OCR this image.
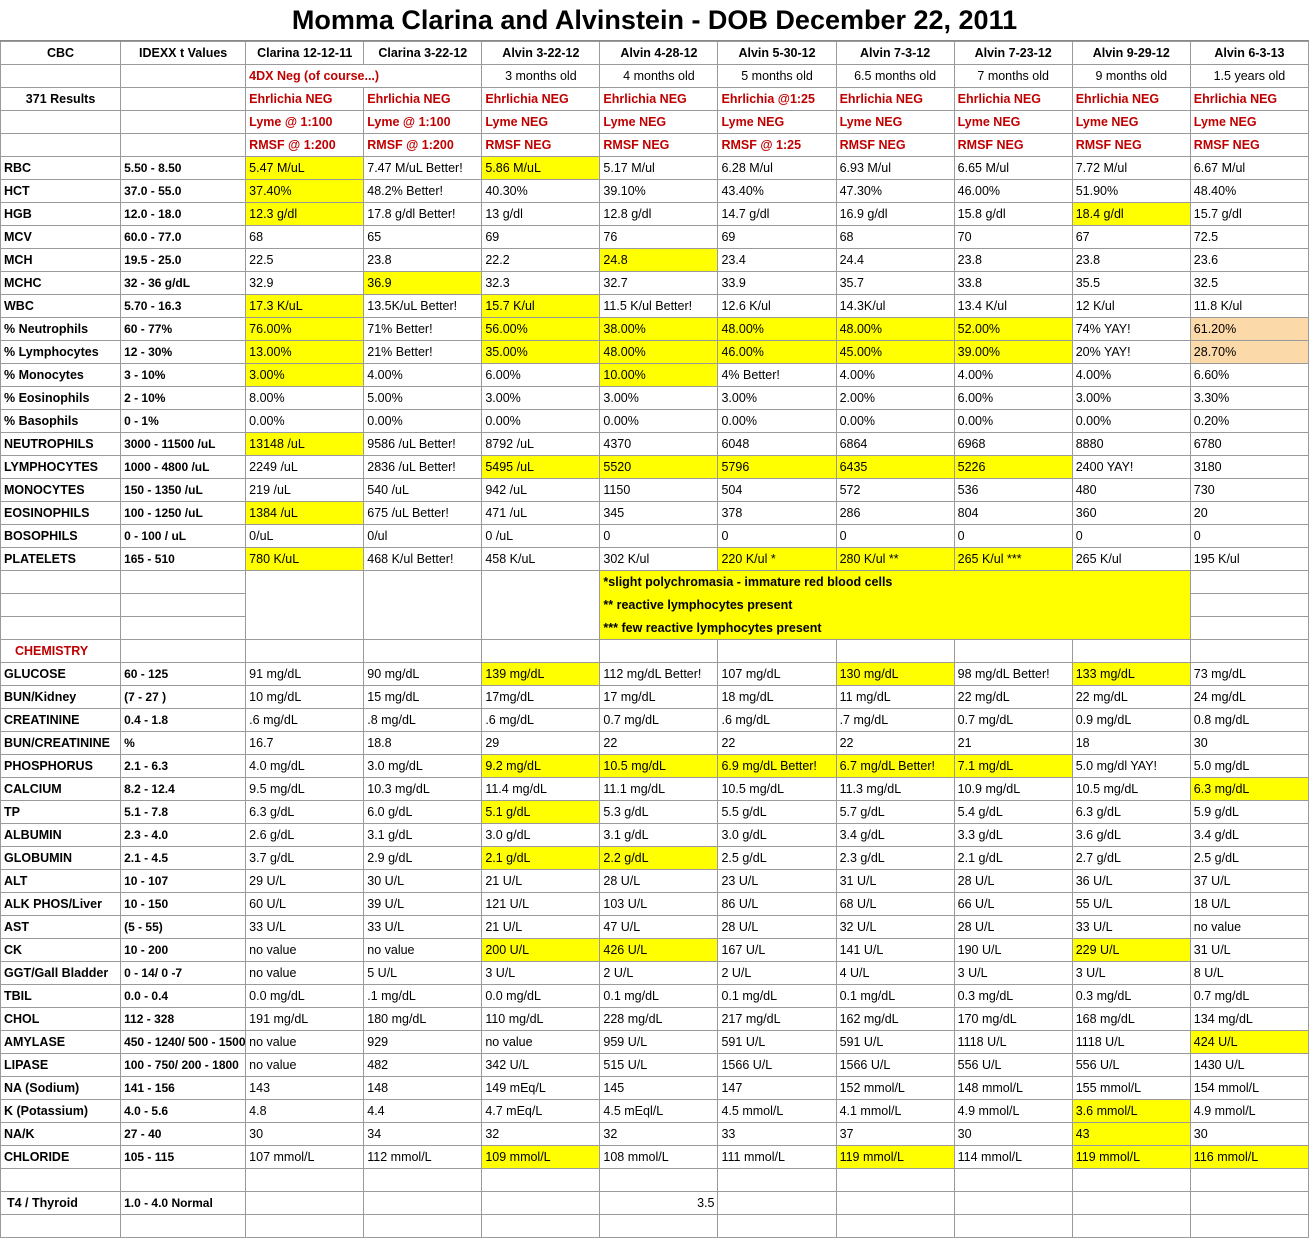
Momma Clarina and Alvinstein - DOB December 22, 2011
CBC	IDEXX t Values	Clarina 12-12-11	Clarina 3-22-12	Alvin 3-22-12	Alvin 4-28-12	Alvin 5-30-12	Alvin 7-3-12	Alvin 7-23-12	Alvin 9-29-12	Alvin 6-3-13
		4DX Neg (of course...)		3 months old	4 months old	5 months old	6.5 months old	7 months old	9 months old	1.5 years old
371 Results		Ehrlichia NEG	Ehrlichia NEG	Ehrlichia NEG	Ehrlichia NEG	Ehrlichia @1:25	Ehrlichia NEG	Ehrlichia NEG	Ehrlichia NEG	Ehrlichia NEG
		Lyme @ 1:100	Lyme @ 1:100	Lyme NEG	Lyme NEG	Lyme NEG	Lyme NEG	Lyme NEG	Lyme NEG	Lyme NEG
		RMSF @ 1:200	RMSF @ 1:200	RMSF NEG	RMSF NEG	RMSF @ 1:25	RMSF NEG	RMSF NEG	RMSF NEG	RMSF NEG
RBC	5.50 - 8.50	5.47 M/uL	7.47 M/uL Better!	5.86 M/uL	5.17 M/ul	6.28 M/ul	6.93 M/ul	6.65 M/ul	7.72 M/ul	6.67 M/ul
HCT	37.0 - 55.0	37.40%	48.2% Better!	40.30%	39.10%	43.40%	47.30%	46.00%	51.90%	48.40%
HGB	12.0 - 18.0	12.3 g/dl	17.8 g/dl Better!	13 g/dl	12.8 g/dl	14.7 g/dl	16.9 g/dl	15.8 g/dl	18.4 g/dl	15.7 g/dl
MCV	60.0 - 77.0	68	65	69	76	69	68	70	67	72.5
MCH	19.5 - 25.0	22.5	23.8	22.2	24.8	23.4	24.4	23.8	23.8	23.6
MCHC	32 - 36 g/dL	32.9	36.9	32.3	32.7	33.9	35.7	33.8	35.5	32.5
WBC	5.70 - 16.3	17.3 K/uL	13.5K/uL Better!	15.7 K/ul	11.5 K/ul Better!	12.6 K/ul	14.3K/ul	13.4 K/ul	12 K/ul	11.8 K/ul
% Neutrophils	60 - 77%	76.00%	71% Better!	56.00%	38.00%	48.00%	48.00%	52.00%	74% YAY!	61.20%
% Lymphocytes	12 - 30%	13.00%	21% Better!	35.00%	48.00%	46.00%	45.00%	39.00%	20% YAY!	28.70%
% Monocytes	3 - 10%	3.00%	4.00%	6.00%	10.00%	4% Better!	4.00%	4.00%	4.00%	6.60%
% Eosinophils	2 - 10%	8.00%	5.00%	3.00%	3.00%	3.00%	2.00%	6.00%	3.00%	3.30%
% Basophils	0 - 1%	0.00%	0.00%	0.00%	0.00%	0.00%	0.00%	0.00%	0.00%	0.20%
NEUTROPHILS	3000 - 11500 /uL	13148 /uL	9586 /uL Better!	8792 /uL	4370	6048	6864	6968	8880	6780
LYMPHOCYTES	1000 - 4800 /uL	2249 /uL	2836 /uL Better!	5495 /uL	5520	5796	6435	5226	2400 YAY!	3180
MONOCYTES	150 - 1350 /uL	219 /uL	540 /uL	942 /uL	1150	504	572	536	480	730
EOSINOPHILS	100 - 1250 /uL	1384 /uL	675 /uL Better!	471 /uL	345	378	286	804	360	20
BOSOPHILS	0 - 100 / uL	0/uL	0/ul	0 /uL	0	0	0	0	0	0
PLATELETS	165 - 510	780 K/uL	468 K/ul Better!	458 K/uL	302 K/ul	220 K/ul *	280 K/ul **	265 K/ul ***	265 K/ul	195 K/ul
					*slight polychromasia - immature red blood cells					
					** reactive lymphocytes present					
					*** few reactive lymphocytes present					
CHEMISTRY										
GLUCOSE	60 - 125	91 mg/dL	90 mg/dL	139 mg/dL	112 mg/dL Better!	107 mg/dL	130 mg/dL	98 mg/dL Better!	133 mg/dL	73 mg/dL
BUN/Kidney	(7 - 27 )	10 mg/dL	15 mg/dL	17mg/dL	17 mg/dL	18 mg/dL	11 mg/dL	22 mg/dL	22 mg/dL	24 mg/dL
CREATININE	0.4 - 1.8	.6 mg/dL	.8 mg/dL	.6 mg/dL	0.7 mg/dL	.6 mg/dL	.7 mg/dL	0.7 mg/dL	0.9 mg/dL	0.8 mg/dL
BUN/CREATININE	%	16.7	18.8	29	22	22	22	21	18	30
PHOSPHORUS	2.1 - 6.3	4.0 mg/dL	3.0 mg/dL	9.2 mg/dL	10.5 mg/dL	6.9 mg/dL Better!	6.7 mg/dL Better!	7.1 mg/dL	5.0 mg/dl YAY!	5.0 mg/dL
CALCIUM	8.2 - 12.4	9.5 mg/dL	10.3 mg/dL	11.4 mg/dL	11.1 mg/dL	10.5 mg/dL	11.3 mg/dL	10.9 mg/dL	10.5 mg/dL	6.3 mg/dL
TP	5.1 - 7.8	6.3 g/dL	6.0 g/dL	5.1 g/dL	5.3 g/dL	5.5 g/dL	5.7 g/dL	5.4 g/dL	6.3 g/dL	5.9 g/dL
ALBUMIN	2.3 - 4.0	2.6 g/dL	3.1 g/dL	3.0 g/dL	3.1 g/dL	3.0 g/dL	3.4 g/dL	3.3 g/dL	3.6 g/dL	3.4 g/dL
GLOBUMIN	2.1 - 4.5	3.7 g/dL	2.9 g/dL	2.1 g/dL	2.2 g/dL	2.5 g/dL	2.3 g/dL	2.1 g/dL	2.7 g/dL	2.5 g/dL
ALT	10 - 107	29 U/L	30 U/L	21 U/L	28 U/L	23 U/L	31 U/L	28 U/L	36 U/L	37 U/L
ALK PHOS/Liver	10 - 150	60 U/L	39 U/L	121 U/L	103 U/L	86 U/L	68 U/L	66 U/L	55 U/L	18 U/L
AST	(5 - 55)	33 U/L	33 U/L	21 U/L	47 U/L	28 U/L	32 U/L	28 U/L	33 U/L	no value
CK	10 - 200	no value	no value	200 U/L	426 U/L	167 U/L	141 U/L	190 U/L	229 U/L	31 U/L
GGT/Gall Bladder	0 - 14/ 0 -7	no value	5 U/L	3 U/L	2 U/L	2 U/L	4 U/L	3 U/L	3 U/L	8 U/L
TBIL	0.0 - 0.4	0.0 mg/dL	.1 mg/dL	0.0 mg/dL	0.1 mg/dL	0.1 mg/dL	0.1 mg/dL	0.3 mg/dL	0.3 mg/dL	0.7 mg/dL
CHOL	112 - 328	191 mg/dL	180 mg/dL	110 mg/dL	228 mg/dL	217 mg/dL	162 mg/dL	170 mg/dL	168 mg/dL	134 mg/dL
AMYLASE	450 - 1240/ 500 - 1500	no value	929	no value	959 U/L	591 U/L	591 U/L	1118 U/L	1118 U/L	424 U/L
LIPASE	100 - 750/ 200 - 1800	no value	482	342 U/L	515 U/L	1566 U/L	1566 U/L	556 U/L	556 U/L	1430 U/L
NA (Sodium)	141 - 156	143	148	149 mEq/L	145	147	152 mmol/L	148 mmol/L	155 mmol/L	154 mmol/L
K (Potassium)	4.0 - 5.6	4.8	4.4	4.7 mEq/L	4.5 mEql/L	4.5 mmol/L	4.1 mmol/L	4.9 mmol/L	3.6 mmol/L	4.9 mmol/L
NA/K	27 - 40	30	34	32	32	33	37	30	43	30
CHLORIDE	105 - 115	107 mmol/L	112 mmol/L	109 mmol/L	108 mmol/L	111 mmol/L	119 mmol/L	114 mmol/L	119 mmol/L	116 mmol/L

T4 / Thyroid	1.0 - 4.0 Normal				3.5					
